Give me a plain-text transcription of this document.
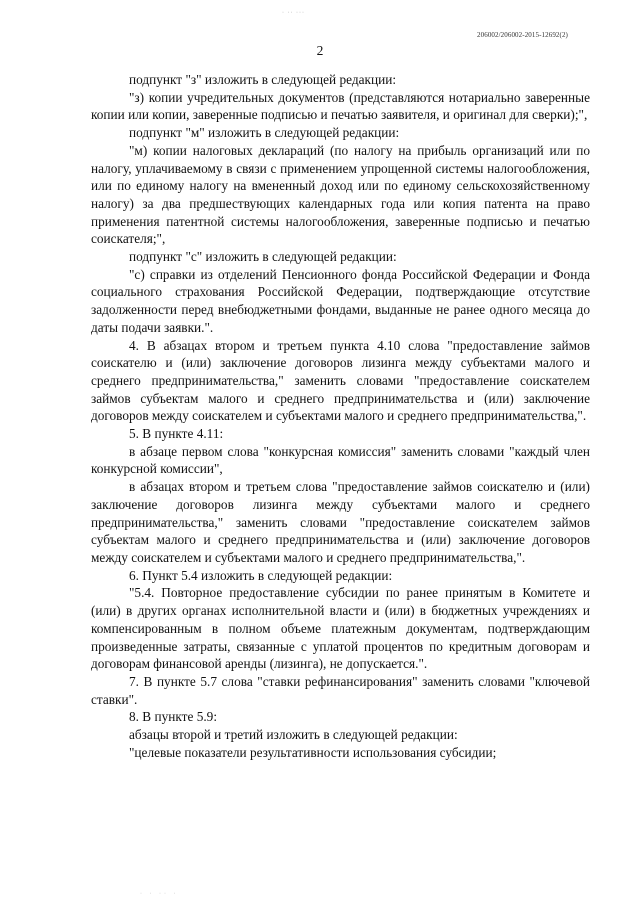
· ·· ···
206002/206002-2015-12692(2)
2

подпункт "з" изложить в следующей редакции:

"з) копии учредительных документов (представляются нотариально заверенные копии или копии, заверенные подписью и печатью заявителя, и оригинал для сверки);",

подпункт "м" изложить в следующей редакции:

"м) копии налоговых деклараций (по налогу на прибыль организаций или по налогу, уплачиваемому в связи с применением упрощенной системы налогообложения, или по единому налогу на вмененный доход или по единому сельскохозяйственному налогу) за два предшествующих календарных года или копия патента на право применения патентной системы налогообложения, заверенные подписью и печатью соискателя;",

подпункт "с" изложить в следующей редакции:

"с) справки из отделений Пенсионного фонда Российской Федерации и Фонда социального страхования Российской Федерации, подтверждающие отсутствие задолженности перед внебюджетными фондами, выданные не ранее одного месяца до даты подачи заявки.".

4. В абзацах втором и третьем пункта 4.10 слова "предоставление займов соискателю и (или) заключение договоров лизинга между субъектами малого и среднего предпринимательства," заменить словами "предоставление соискателем займов субъектам малого и среднего предпринимательства и (или) заключение договоров между соискателем и субъектами малого и среднего предпринимательства,".

5. В пункте 4.11:

в абзаце первом слова "конкурсная комиссия" заменить словами "каждый член конкурсной комиссии",

в абзацах втором и третьем слова "предоставление займов соискателю и (или) заключение договоров лизинга между субъектами малого и среднего предпринимательства," заменить словами "предоставление соискателем займов субъектам малого и среднего предпринимательства и (или) заключение договоров между соискателем и субъектами малого и среднего предпринимательства,".

6. Пункт 5.4 изложить в следующей редакции:

"5.4. Повторное предоставление субсидии по ранее принятым в Комитете и (или) в других органах исполнительной власти и (или) в бюджетных учреждениях и компенсированным в полном объеме платежным документам, подтверждающим произведенные затраты, связанные с уплатой процентов по кредитным договорам и договорам финансовой аренды (лизинга), не допускается.".

7. В пункте 5.7 слова "ставки рефинансирования" заменить словами "ключевой ставки".

8. В пункте 5.9:

абзацы второй и третий изложить в следующей редакции:

"целевые показатели результативности использования субсидии;

· · ·· ·
